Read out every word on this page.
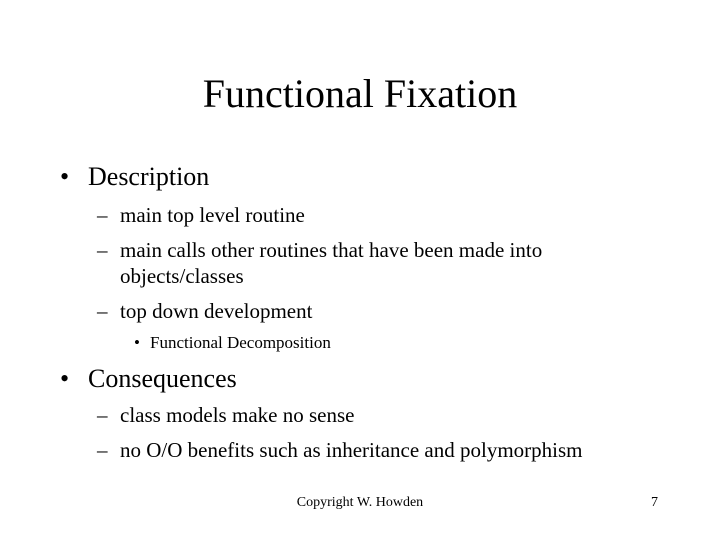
Functional Fixation
• Description
– main top level routine
– main calls other routines that have been made into objects/classes
– top down development
• Functional Decomposition
• Consequences
– class models make no sense
– no O/O benefits such as inheritance and polymorphism
Copyright W. Howden	7
